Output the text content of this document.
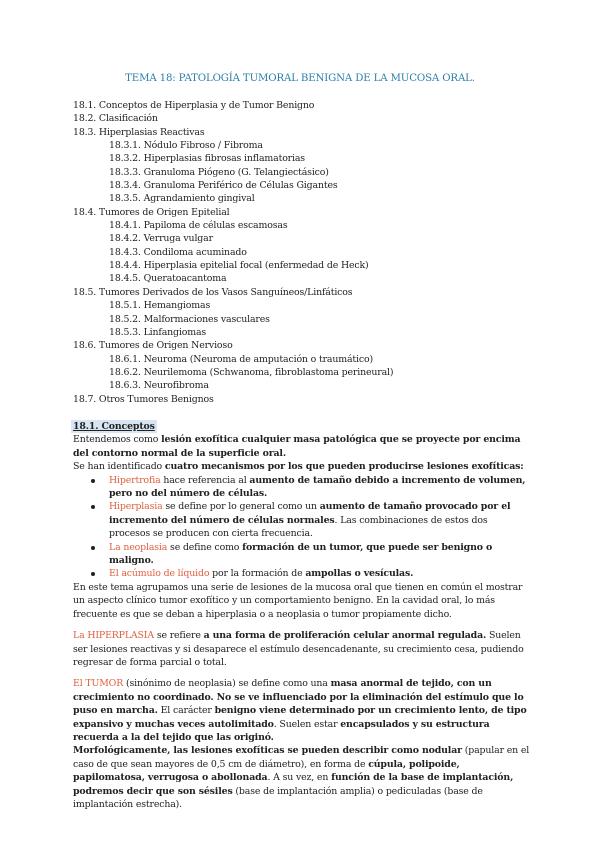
TEMA 18: PATOLOGÍA TUMORAL BENIGNA DE LA MUCOSA ORAL.
18.1. Conceptos de Hiperplasia y de Tumor Benigno
18.2. Clasificación
18.3. Hiperplasias Reactivas
18.3.1. Nódulo Fibroso / Fibroma
18.3.2. Hiperplasias fibrosas inflamatorias
18.3.3. Granuloma Piógeno (G. Telangiectásico)
18.3.4. Granuloma Periférico de Células Gigantes
18.3.5. Agrandamiento gingival
18.4. Tumores de Origen Epitelial
18.4.1. Papiloma de células escamosas
18.4.2. Verruga vulgar
18.4.3. Condiloma acuminado
18.4.4. Hiperplasia epitelial focal (enfermedad de Heck)
18.4.5. Queratoacantoma
18.5. Tumores Derivados de los Vasos Sanguíneos/Linfáticos
18.5.1. Hemangiomas
18.5.2. Malformaciones vasculares
18.5.3. Linfangiomas
18.6. Tumores de Origen Nervioso
18.6.1. Neuroma (Neuroma de amputación o traumático)
18.6.2. Neurilemoma (Schwanoma, fibroblastoma perineural)
18.6.3. Neurofibroma
18.7. Otros Tumores Benignos
18.1. Conceptos

Entendemos como lesión exofítica cualquier masa patológica que se proyecte por encima del contorno normal de la superficie oral.

Se han identificado cuatro mecanismos por los que pueden producirse lesiones exofíticas:

Hipertrofia hace referencia al aumento de tamaño debido a incremento de volumen, pero no del número de células.
Hiperplasia se define por lo general como un aumento de tamaño provocado por el incremento del número de células normales. Las combinaciones de estos dos procesos se producen con cierta frecuencia.
La neoplasia se define como formación de un tumor, que puede ser benigno o maligno.
El acúmulo de líquido por la formación de ampollas o vesículas.

En este tema agrupamos una serie de lesiones de la mucosa oral que tienen en común el mostrar un aspecto clínico tumor exofítico y un comportamiento benigno. En la cavidad oral, lo más frecuente es que se deban a hiperplasia o a neoplasia o tumor propiamente dicho.

La HIPERPLASIA se refiere a una forma de proliferación celular anormal regulada. Suelen ser lesiones reactivas y si desaparece el estímulo desencadenante, su crecimiento cesa, pudiendo regresar de forma parcial o total.

El TUMOR (sinónimo de neoplasia) se define como una masa anormal de tejido, con un crecimiento no coordinado. No se ve influenciado por la eliminación del estímulo que lo puso en marcha. El carácter benigno viene determinado por un crecimiento lento, de tipo expansivo y muchas veces autolimitado. Suelen estar encapsulados y su estructura recuerda a la del tejido que las originó.

Morfológicamente, las lesiones exofíticas se pueden describir como nodular (papular en el caso de que sean mayores de 0,5 cm de diámetro), en forma de cúpula, polipoide, papilomatosa, verrugosa o abollonada. A su vez, en función de la base de implantación, podremos decir que son sésiles (base de implantación amplia) o pediculadas (base de implantación estrecha).
